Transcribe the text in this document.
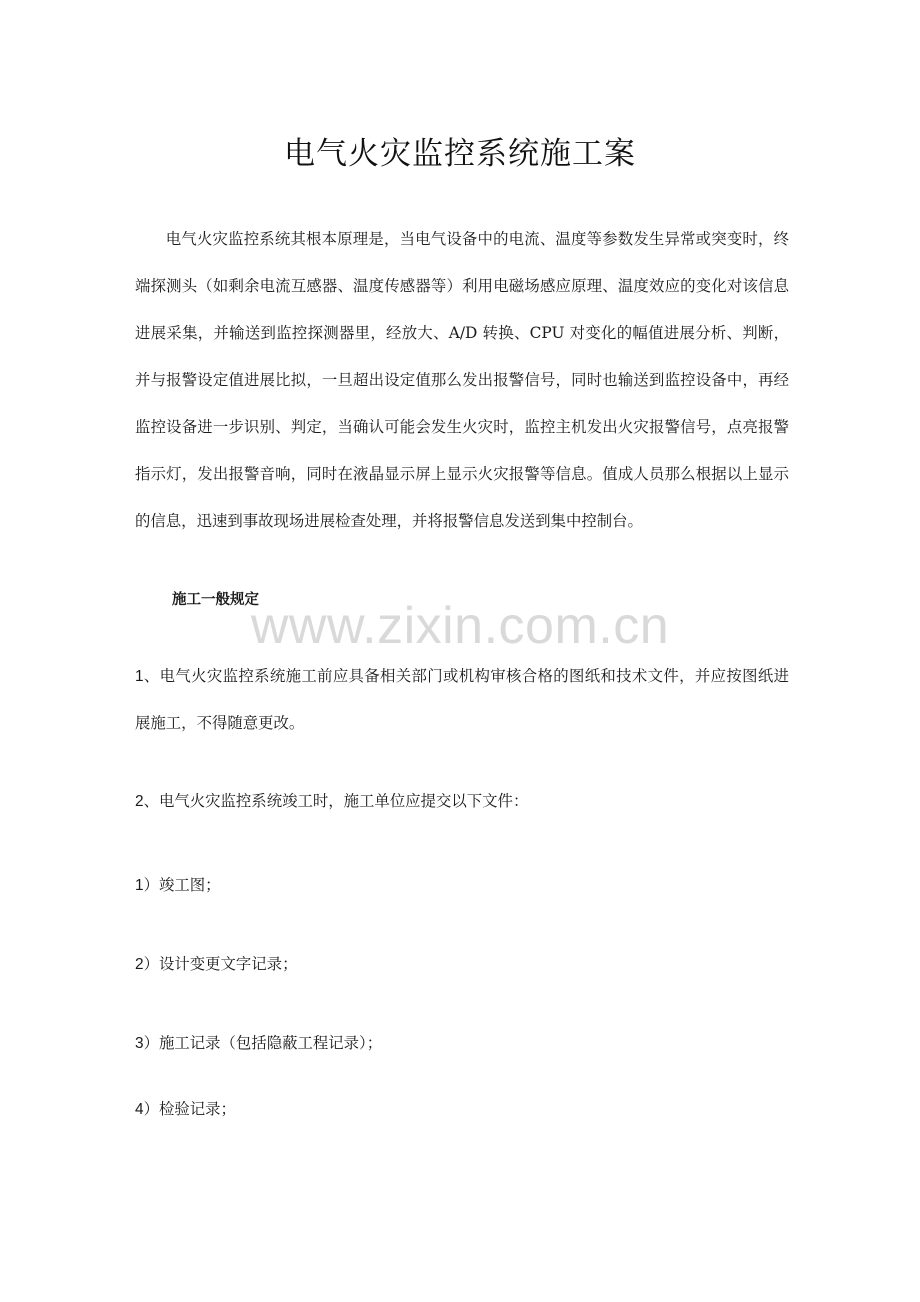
电气火灾监控系统施工案
电气火灾监控系统其根本原理是，当电气设备中的电流、温度等参数发生异常或突变时，终端探测头（如剩余电流互感器、温度传感器等）利用电磁场感应原理、温度效应的变化对该信息进展采集，并输送到监控探测器里，经放大、A/D 转换、CPU 对变化的幅值进展分析、判断，并与报警设定值进展比拟，一旦超出设定值那么发出报警信号，同时也输送到监控设备中，再经监控设备进一步识别、判定，当确认可能会发生火灾时，监控主机发出火灾报警信号，点亮报警指示灯，发出报警音响，同时在液晶显示屏上显示火灾报警等信息。值成人员那么根据以上显示的信息，迅速到事故现场进展检查处理，并将报警信息发送到集中控制台。
施工一般规定
www.zixin.com.cn
1、电气火灾监控系统施工前应具备相关部门或机构审核合格的图纸和技术文件，并应按图纸进展施工，不得随意更改。
2、电气火灾监控系统竣工时，施工单位应提交以下文件：
1）竣工图；
2）设计变更文字记录；
3）施工记录（包括隐蔽工程记录）；
4）检验记录；
